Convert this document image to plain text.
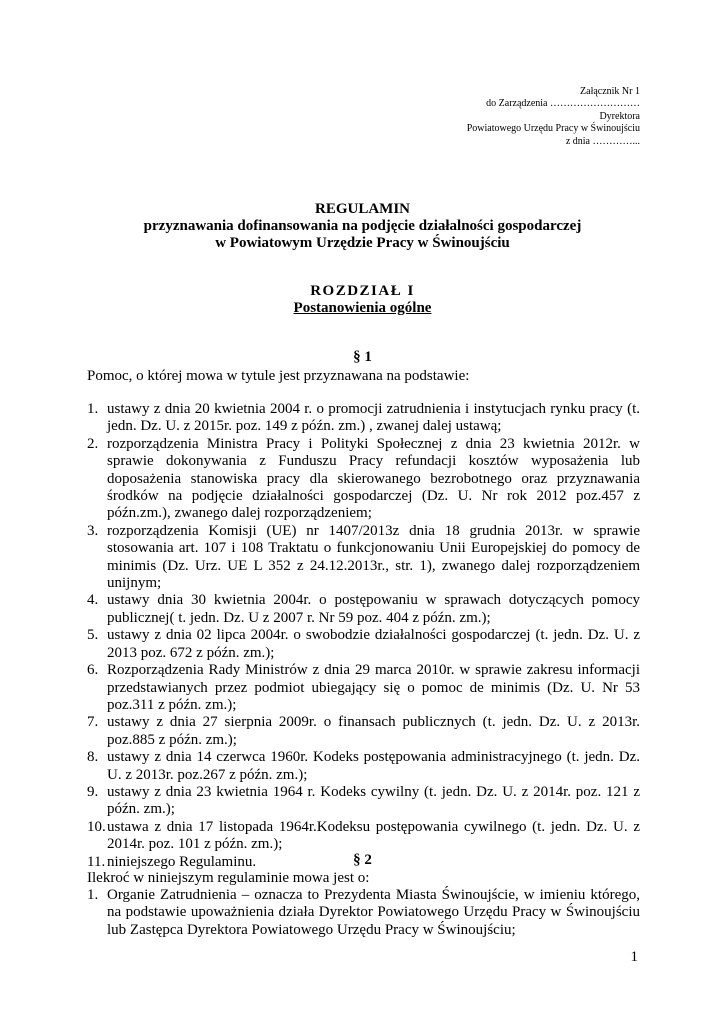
Załącznik Nr 1
do Zarządzenia ………………………
Dyrektora
Powiatowego Urzędu Pracy w Świnoujściu
z dnia …………...
REGULAMIN
przyznawania dofinansowania na podjęcie działalności gospodarczej
w Powiatowym Urzędzie Pracy w Świnoujściu
ROZDZIAŁ I
Postanowienia ogólne
§ 1
Pomoc, o której mowa w tytule jest przyznawana na podstawie:
1. ustawy z dnia 20 kwietnia 2004 r. o promocji zatrudnienia i instytucjach rynku pracy (t. jedn. Dz. U. z 2015r. poz. 149 z późn. zm.) , zwanej dalej ustawą;
2. rozporządzenia Ministra Pracy i Polityki Społecznej z dnia 23 kwietnia 2012r. w sprawie dokonywania z Funduszu Pracy refundacji kosztów wyposażenia lub doposażenia stanowiska pracy dla skierowanego bezrobotnego oraz przyznawania środków na podjęcie działalności gospodarczej (Dz. U. Nr rok 2012 poz.457 z późn.zm.), zwanego dalej rozporządzeniem;
3. rozporządzenia Komisji (UE) nr 1407/2013z dnia 18 grudnia 2013r. w sprawie stosowania art. 107 i 108 Traktatu o funkcjonowaniu Unii Europejskiej do pomocy de minimis (Dz. Urz. UE L 352 z 24.12.2013r., str. 1), zwanego dalej rozporządzeniem unijnym;
4. ustawy dnia 30 kwietnia 2004r. o postępowaniu w sprawach dotyczących pomocy publicznej( t. jedn. Dz. U z 2007 r. Nr 59 poz. 404 z późn. zm.);
5. ustawy z dnia 02 lipca 2004r. o swobodzie działalności gospodarczej (t. jedn. Dz. U. z 2013 poz. 672 z późn. zm.);
6. Rozporządzenia Rady Ministrów z dnia 29 marca 2010r. w sprawie zakresu informacji przedstawianych przez podmiot ubiegający się o pomoc de minimis (Dz. U. Nr 53 poz.311 z późn. zm.);
7. ustawy z dnia 27 sierpnia 2009r. o finansach publicznych (t. jedn. Dz. U. z 2013r. poz.885 z późn. zm.);
8. ustawy z dnia 14 czerwca 1960r. Kodeks postępowania administracyjnego (t. jedn. Dz. U. z 2013r. poz.267 z późn. zm.);
9. ustawy z dnia 23 kwietnia 1964 r. Kodeks cywilny (t. jedn. Dz. U. z 2014r. poz. 121 z późn. zm.);
10. ustawa z dnia 17 listopada 1964r.Kodeksu postępowania cywilnego (t. jedn. Dz. U. z 2014r. poz. 101 z późn. zm.);
11. niniejszego Regulaminu.	§ 2
Ilekroć w niniejszym regulaminie mowa jest o:
1. Organie Zatrudnienia – oznacza to Prezydenta Miasta Świnoujście, w imieniu którego, na podstawie upoważnienia działa Dyrektor Powiatowego Urzędu Pracy w Świnoujściu lub Zastępca Dyrektora Powiatowego Urzędu Pracy w Świnoujściu;
1
